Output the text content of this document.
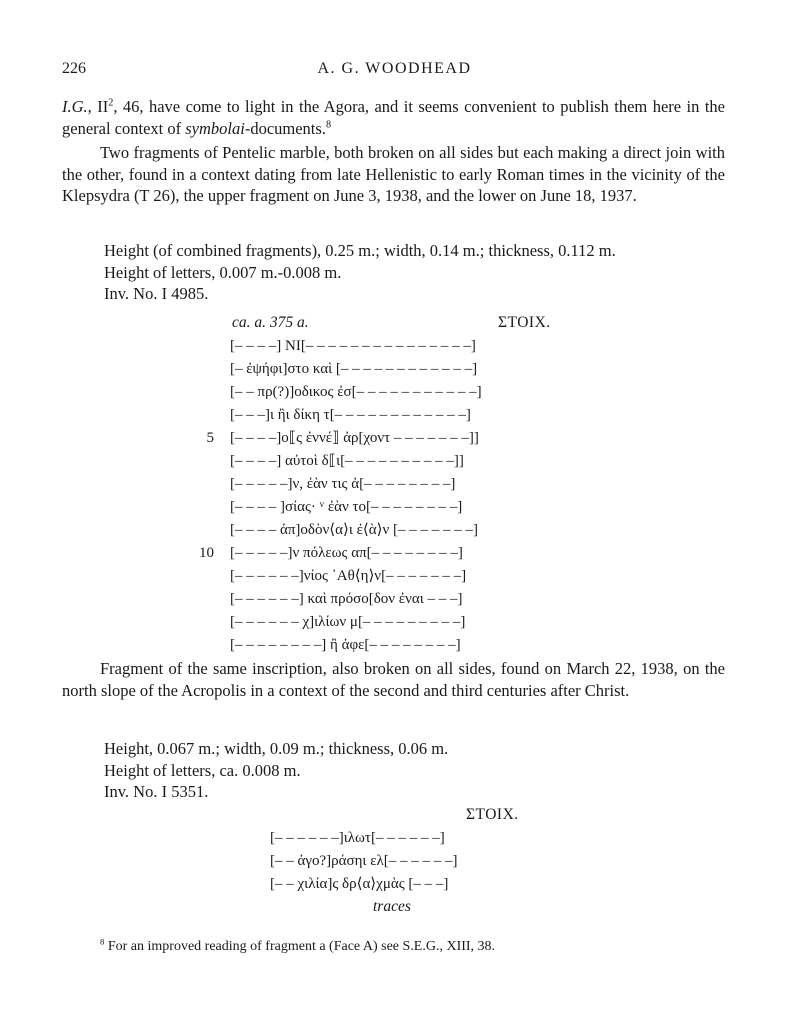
226	A. G. WOODHEAD

I.G., $II^2$, 46, have come to light in the Agora, and it seems convenient to publish them here in the general context of symbolai-documents.$^8$

Two fragments of Pentelic marble, both broken on all sides but each making a direct join with the other, found in a context dating from late Hellenistic to early Roman times in the vicinity of the Klepsydra (T 26), the upper fragment on June 3, 1938, and the lower on June 18, 1937.

Height (of combined fragments), 0.25 m.; width, 0.14 m.; thickness, 0.112 m.
Height of letters, 0.007 m.-0.008 m.
Inv. No. I 4985.
ca. a. 375 a.	ΣΤΟΙΧ.
[– – – –] ΝΙ[– – – – – – – – – – – – – – –]
[– ἐψήφι]στο καὶ [– – – – – – – – – – – –]
[– – πρ(?)]οδικος ἐσ[– – – – – – – – – – –]
[– – –]ι ἢι δίκη τ[– – – – – – – – – – – –]
5 [– – – –]ο⟦ς ἐννέ⟧ ἀρ[χοντ – – – – – – –]]
[– – – –] αὐτοὶ δ⟦ι[– – – – – – – – – –]]
[– – – – –]ν, ἐὰν τις ἀ[– – – – – – – –]
[– – – – ]σίας· ᵛ ἐὰν το[– – – – – – – –]
[– – – – ἀπ]οδὸν⟨α⟩ι ἐ⟨ὰ⟩ν [– – – – – – –]
10 [– – – – –]ν πόλεως απ[– – – – – – – –]
[– – – – – –]νίος ᾽Αθ⟨η⟩ν[– – – – – – –]
[– – – – – –] καὶ πρόσο[δον ἐναι – – –]
[– – – – – – χ]ιλίων μ[– – – – – – – – –]
[– – – – – – – –] ἢ ἀφε[– – – – – – – –]

Fragment of the same inscription, also broken on all sides, found on March 22, 1938, on the north slope of the Acropolis in a context of the second and third centuries after Christ.

Height, 0.067 m.; width, 0.09 m.; thickness, 0.06 m.
Height of letters, ca. 0.008 m.
Inv. No. I 5351.
ΣΤΟΙΧ.
[– – – – – –]ιλωτ[– – – – – –]
[– – ἀγο?]ράσηι ελ[– – – – – –]
[– – χιλία]ς δρ⟨α⟩χμὰς [– – –]
traces
$^8$ For an improved reading of fragment a (Face A) see S.E.G., XIII, 38.
